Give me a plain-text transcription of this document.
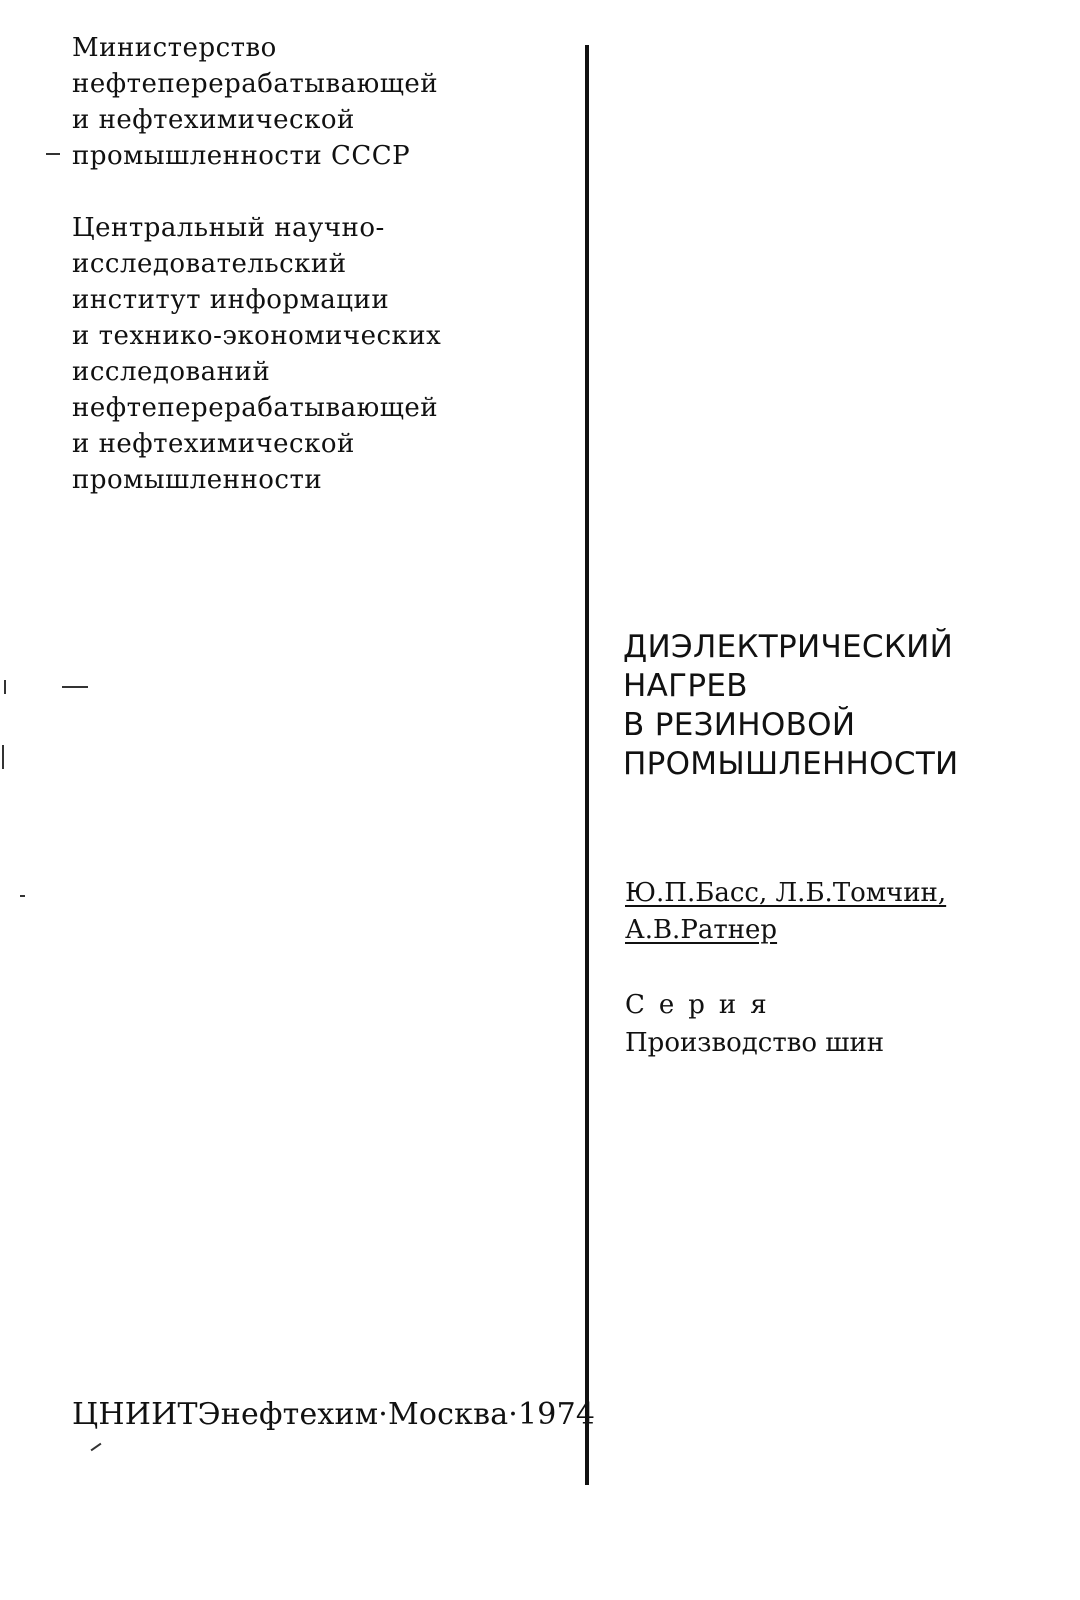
Министерство
нефтеперерабатывающей
и нефтехимической
промышленности СССР
Центральный научно-
исследовательский
институт информации
и технико-экономических
исследований
нефтеперерабатывающей
и нефтехимической
промышленности
ДИЭЛЕКТРИЧЕСКИЙ
НАГРЕВ
В РЕЗИНОВОЙ
ПРОМЫШЛЕННОСТИ
Ю.П.Басс, Л.Б.Томчин,
А.В.Ратнер
Серия
Производство шин
ЦНИИТЭнефтехим·Москва·1974
